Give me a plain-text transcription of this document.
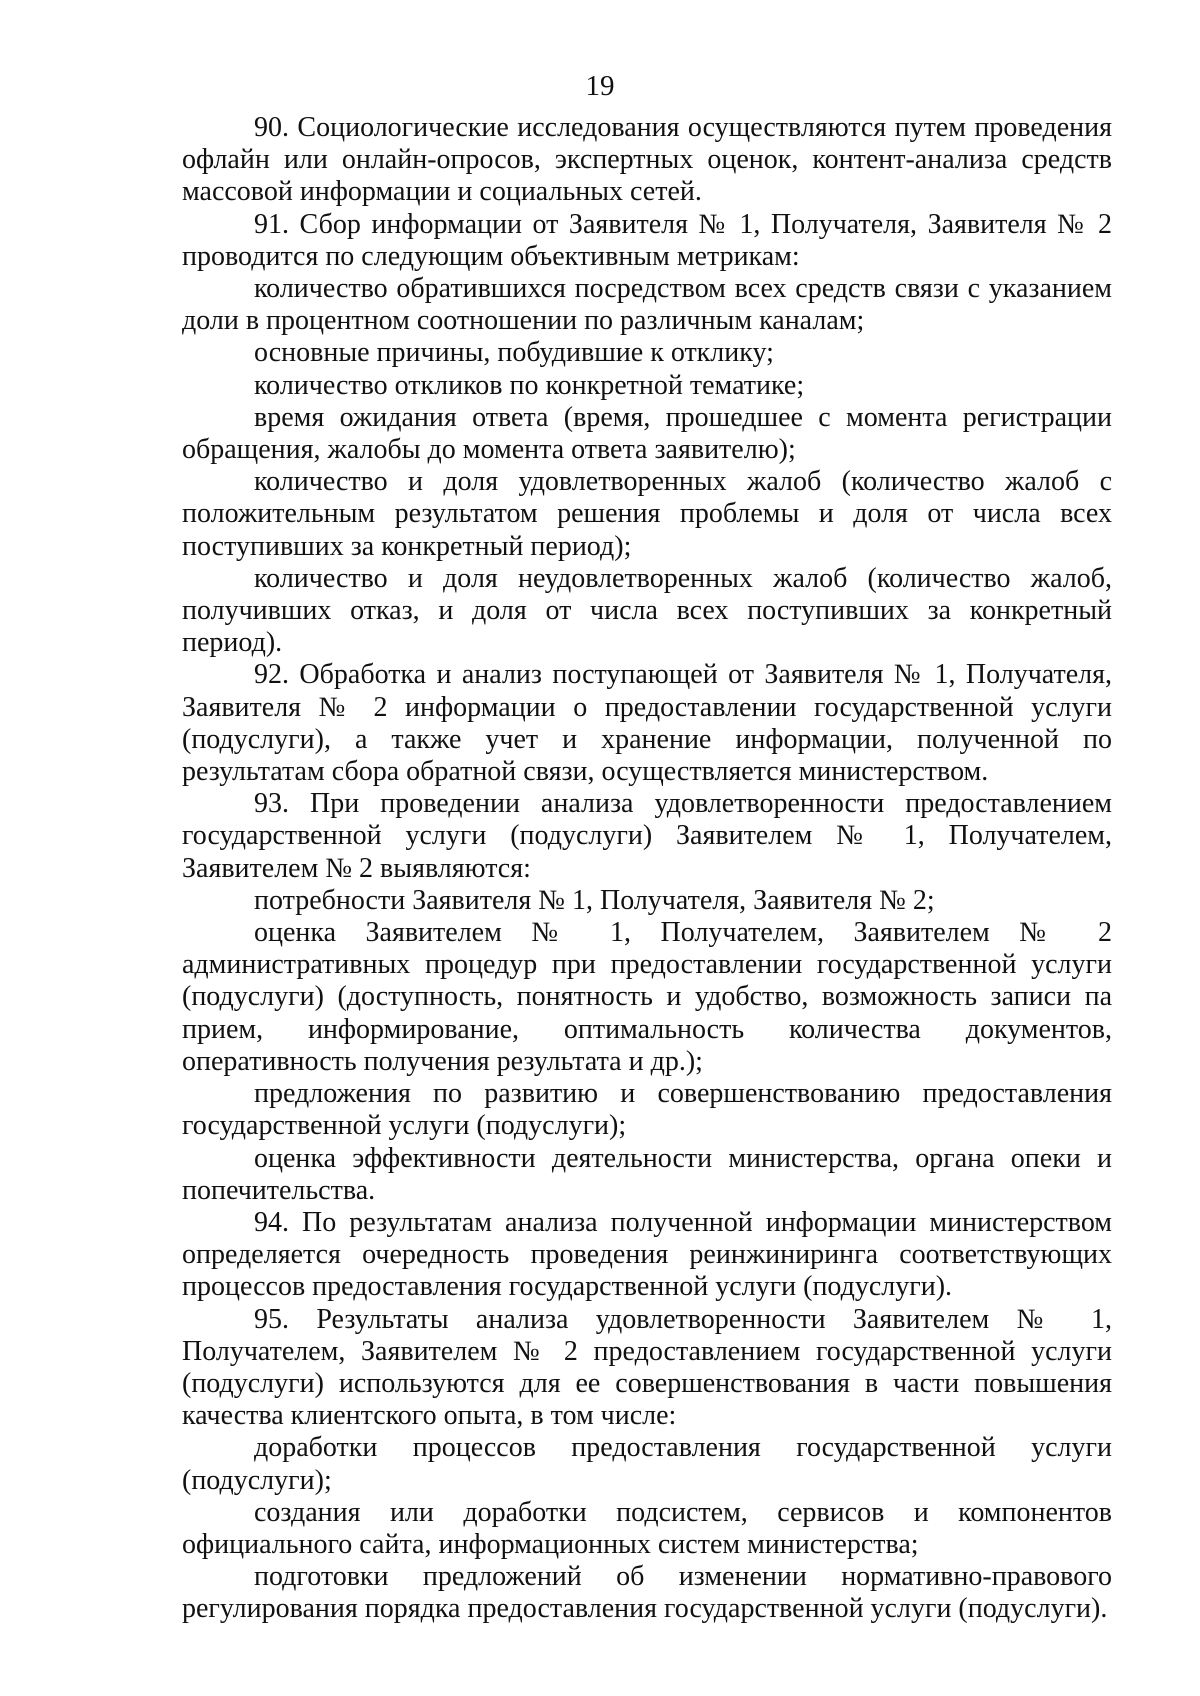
19

90. Социологические исследования осуществляются путем проведения офлайн или онлайн-опросов, экспертных оценок, контент-анализа средств массовой информации и социальных сетей.

91. Сбор информации от Заявителя № 1, Получателя, Заявителя № 2 проводится по следующим объективным метрикам:

количество обратившихся посредством всех средств связи с указанием доли в процентном соотношении по различным каналам;

основные причины, побудившие к отклику;

количество откликов по конкретной тематике;

время ожидания ответа (время, прошедшее с момента регистрации обращения, жалобы до момента ответа заявителю);

количество и доля удовлетворенных жалоб (количество жалоб с положительным результатом решения проблемы и доля от числа всех поступивших за конкретный период);

количество и доля неудовлетворенных жалоб (количество жалоб, получивших отказ, и доля от числа всех поступивших за конкретный период).

92. Обработка и анализ поступающей от Заявителя № 1, Получателя, Заявителя № 2 информации о предоставлении государственной услуги (подуслуги), а также учет и хранение информации, полученной по результатам сбора обратной связи, осуществляется министерством.

93. При проведении анализа удовлетворенности предоставлением государственной услуги (подуслуги) Заявителем № 1, Получателем, Заявителем № 2 выявляются:

потребности Заявителя № 1, Получателя, Заявителя № 2;

оценка Заявителем № 1, Получателем, Заявителем № 2 административных процедур при предоставлении государственной услуги (подуслуги) (доступность, понятность и удобство, возможность записи па прием, информирование, оптимальность количества документов, оперативность получения результата и др.);

предложения по развитию и совершенствованию предоставления государственной услуги (подуслуги);

оценка эффективности деятельности министерства, органа опеки и попечительства.

94. По результатам анализа полученной информации министерством определяется очередность проведения реинжиниринга соответствующих процессов предоставления государственной услуги (подуслуги).

95. Результаты анализа удовлетворенности Заявителем № 1, Получателем, Заявителем № 2 предоставлением государственной услуги (подуслуги) используются для ее совершенствования в части повышения качества клиентского опыта, в том числе:

доработки процессов предоставления государственной услуги (подуслуги);

создания или доработки подсистем, сервисов и компонентов официального сайта, информационных систем министерства;

подготовки предложений об изменении нормативно-правового регулирования порядка предоставления государственной услуги (подуслуги).
